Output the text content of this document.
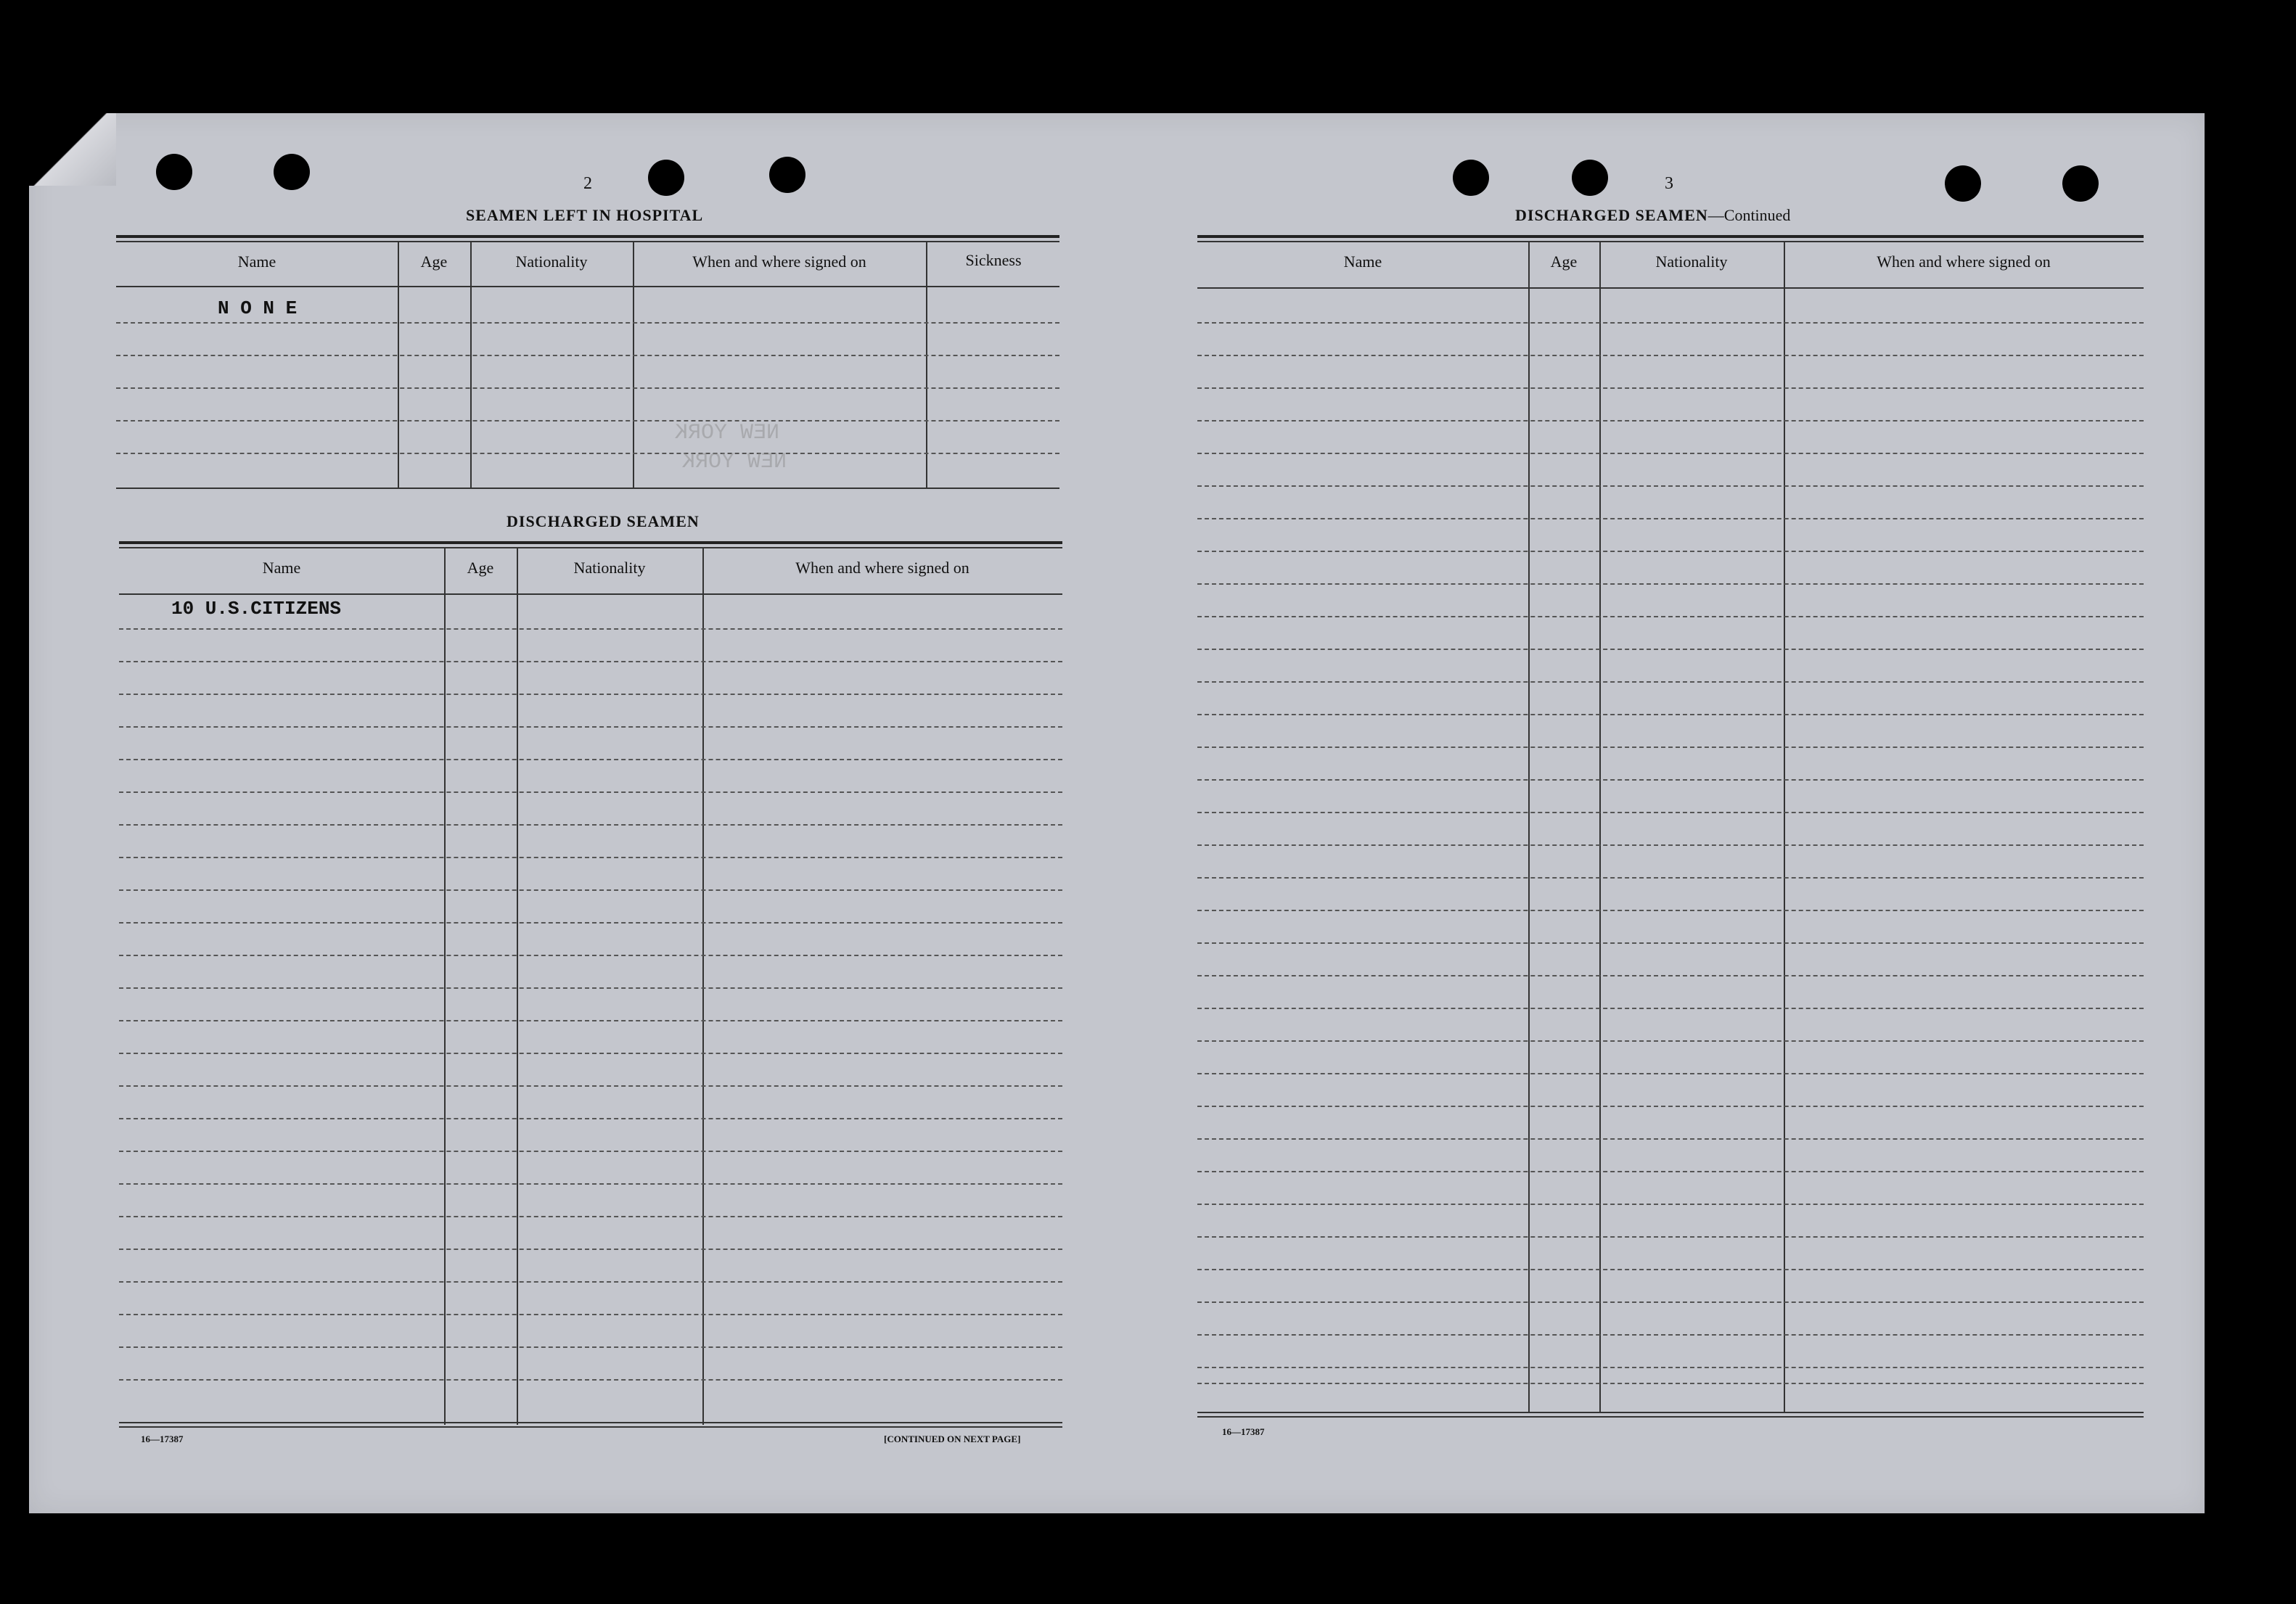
2
SEAMEN LEFT IN HOSPITAL
Name	Age	Nationality	When and where signed on	Sickness
N O N E
NEW YORK
NEW YORK
DISCHARGED SEAMEN
Name	Age	Nationality	When and where signed on
10 U.S.CITIZENS
16—17387	[CONTINUED ON NEXT PAGE]
3
DISCHARGED SEAMEN—Continued
Name	Age	Nationality	When and where signed on
16—17387
